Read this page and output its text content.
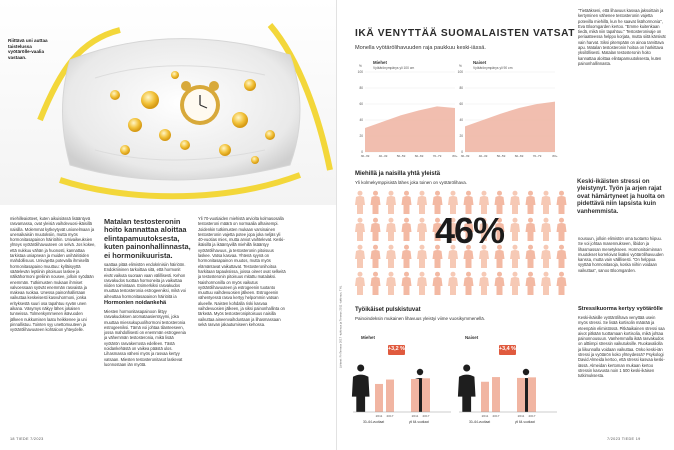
Riittävä uni auttaa taistelussa vyötärölle-vaalia vastaan.
miehilleaiotteet, kuten aikuisiässä lisääntyvä rasvamassa, ovat yleisiä vaihdevuosi-ikäisillä naisilla. Molemmat kytkeytyvät unionelmaan ja unenaikaisiin muutoksiin, mutta myös hormonitasapainon häiriöihin. Univaikeuksien yhteys vyötärölihavuuteen on selvä. Jos kokee, että nukkuu vähän ja huonosti, kannattaa tarkistaa uniapnean ja muiden unihäiriöiden mahdollisuus. Univajetta potevalla ihmisellä hormonitasapaino muuttuu: kylläisyyttä säätelevän leptiinin pitoisuus laskee ja nälkähormoni greliinin nousee, jolloin syödään enemmän. Tutkimusten mukaan ihmiset valvoessaan syövät enemmän rasvaista ja makeaa ruokaa. Unessa painonhallintaan vaikuttaa keskeisesti kasvuhormoni, jonka erityksestä suuri osa tapahtuu syvän unen aikana. Väsymys näkyy lähes jokaisen tunneissa. Tolmenkymmenen ikävuoden jälkeen nukkumisen laatu heikkenee ja uni pinnallistuu. Tointen syy unettomuuteen ja vyötärölihavuuteen kohtaloon yhteydelle.
Matalan testosteronin hoito kannattaa aloittaa elintapamuutoksesta, kuten painonhallinnasta, ei hormonikuurista.
saattaa pitää elimistön endokrinisiin häiriöön. Endokriininen tarkoittaa sitä, että hormonit eivät vaikuta suoraan vaan välillisesti. Kehon rasvakudos tuottaa hormoneita ja vaikuttaa niiden toimintaan. Esimerkiksi rasvakudos muuttaa testosteronia estrogeeniksi, mikä voi aiheuttaa hormonitasapainon häiriöitä ja
Hormonien noidankehä
Miesten hormonitasapainoon liittyy rasvakudoksen aromataasientsyymi, joka muuttaa miessukupuolihormoni testosteronia estrogeeniksi. Tämä voi johtaa tilanteeseen, jossa mahdollisesti on enemmän estrogeenia ja vähemmän testosteronia, mikä lisää vyötärön rasvakerrosta edelleen. Tästä noidankehästä on vaikea päästä ulos. Lihasmassa väheni myös ja rasvaa kertyy vatsaan. Miesten testosteronitasot laskevat luonnostaan iän myötä.
Yli 70-vuotiaiden miehistä arviolta kolmasosalla testosteroni määrä on normaalia alhaisempi. Joidenkin tutkimusten mukaan varsinainen testosteronin vajetta potee jopa joka neljäs yli 40-vuotias mies, mutta arviot vaihtelevat. Keski-ikäisillä ja ikääntyvillä miehillä lisääntyy vyötärölihavuus, ja testosteronin pitoisuus laskee. Vatsa kasvaa. Yhtenä syynä on hormonitasapainon muutos, mutta myös elämäntavat vaikuttavat. Testosteronihoitoa harkitaan tapauksissa, joissa oireet ovat selkeitä ja testosteronin pitoisuus mitattu matalaksi. Naishormonilla on myös vaikutus vyötärölihavuuteen ja estrogeenin tuotanto muuttuu vaihdevuosien jälkeen. Estrogeenin vähentyessä rasva kertyy helpommin vatsan alueelle. Naisten kohdalla riski kasvaa vaihdevuosien jälkeen, ja siksi painonhallinta on tärkeää. Myös testosteronipitoisuus naisilla vaikuttaa aineenvaihduntaan ja lihasmassaan sekä rasvan jakautumiseen kehossa.
18 TIEDE 7/2023
IKÄ VENYTTÄÄ SUOMALAISTEN VATSAT
Monella vyötärölihavuuden raja paukkuu keski-iässä.
Miehet
Vyötärönympärys yli 100 cm
Naiset
Vyötärönympärys yli 90 cm
100
80
60
40
20
0
%
30–39	40–49	50–59	60–69	70–79	80+
100
80
60
40
20
0
%
30–39	40–49	50–59	60–69	70–79	80+
"Tietääkseni, että lihavuus kasvaa jaksoittain ja kertyminen vähenee testosteronin vajetta potevilla miehillä, kun he saavat lisähormonia", Eva Bloomgarden kertoo. "Emme kuitenkaan tiedä, mikä niin tapahtuu." Testosteronivaje on periaatteessa helppo korjata, mutta siitä kärsivät vain harvat. Siksi pitempään on ainoa tarvittava apu. Matalan testosteronin hoitoa on harkittava yksilöllisesti. Matalan testosteronin hoito kannattaa aloittaa elintapamuutoksesta, kuten painonhallinnasta.
Keski-ikäisten stressi on yleistynyt. Työn ja arjen rajat ovat hämärtyneet ja huolta on pidettävä niin lapsista kuin vanhemmista.
nousuun, jolloin elimistön oma tuotanto hiipuu. Se voi johtaa masennukseen, libidon ja lihasmassan menetykseen. Hormonitoiminnan muutokset korreloivat lisäksi vyötärölihavuuden kanssa, mutta vain välillisesti. "On helppoa syyttää hormonitasoja, koska niihin voidaan vaikuttaa", sanoo Bloomgarden.
Stressikuorma kertyy vyötärölle
Keski-ikäisille vyötärölihava venyttää usein myös stressi. Se lisää kortisolin määrää ja eteenpäin elimistössä. Pitkäaikainen stressi saa aivot pitkään tuottamaan kortisolia, mikä johtaa painonnousuun. Vanhemmalla ikää rasvakudos on alttiimpi stressin vaikutuksille. Ruokavaliolla ja liikunnalla voidaan vaikuttaa. Onko keski-iän stressi ja vyötärön koko yhteydessä? Psykologi David Almeida kertoo, että stressi kasvaa keski-iässä. Almeidan kertoman mukaan kertoo stressin kasvusta noin 1 500 keski-ikäisen tutkimuksesta.
Miehillä ja naisilla yhtä yleistä
Yli kolmekymppisistä lähes joka toinen on vyötärölihava.
46%
Työikäiset pulskistuvat
Painoindeksin mukainen lihavuus yleistyi viime vuosikymmenellä.
Lähteet: FinTerveys 2017 -tutkimus ja Terveys 2011 -tutkimus, THL	Miehet	Naiset
+3,2 %	+3,4 %
2011 2017	2011 2017
30–64-vuotiaat	yli 64-vuotiaat
2011 2017	2011 2017
30–64-vuotiaat	yli 64-vuotiaat
7/2023 TIEDE 19
